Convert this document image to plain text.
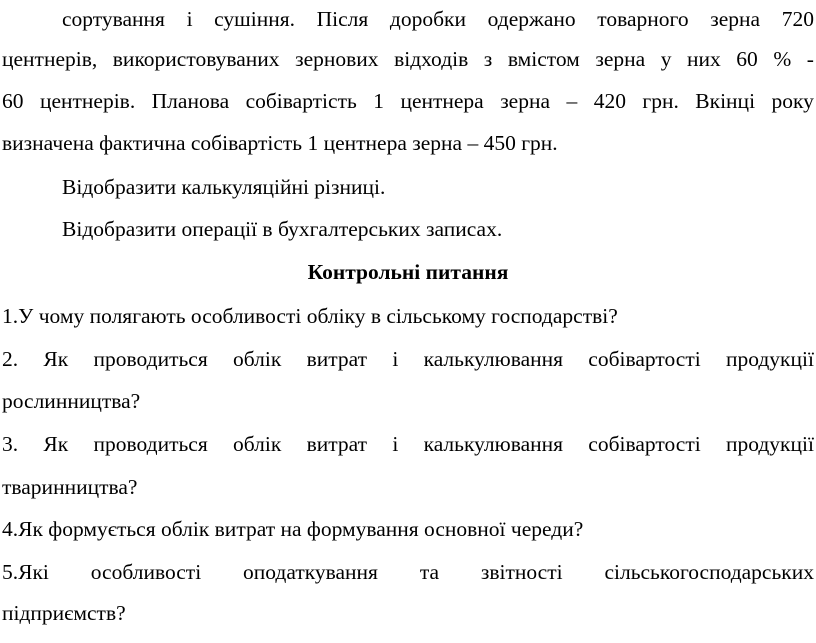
сортування і сушіння. Після доробки одержано товарного зерна 720
центнерів, використовуваних зернових відходів з вмістом зерна у них 60 % -
60 центнерів. Планова собівартість 1 центнера зерна – 420 грн. Вкінці року
визначена фактична собівартість 1 центнера зерна – 450 грн.
Відобразити калькуляційні різниці.
Відобразити операції в бухгалтерських записах.
Контрольні питання
1.У чому полягають особливості обліку в сільському господарстві?
2. Як проводиться облік витрат і калькулювання собівартості продукції
рослинництва?
3. Як проводиться облік витрат і калькулювання собівартості продукції
тваринництва?
4.Як формується облік витрат на формування основної череди?
5.Які особливості оподаткування та звітності сільськогосподарських
підприємств?
